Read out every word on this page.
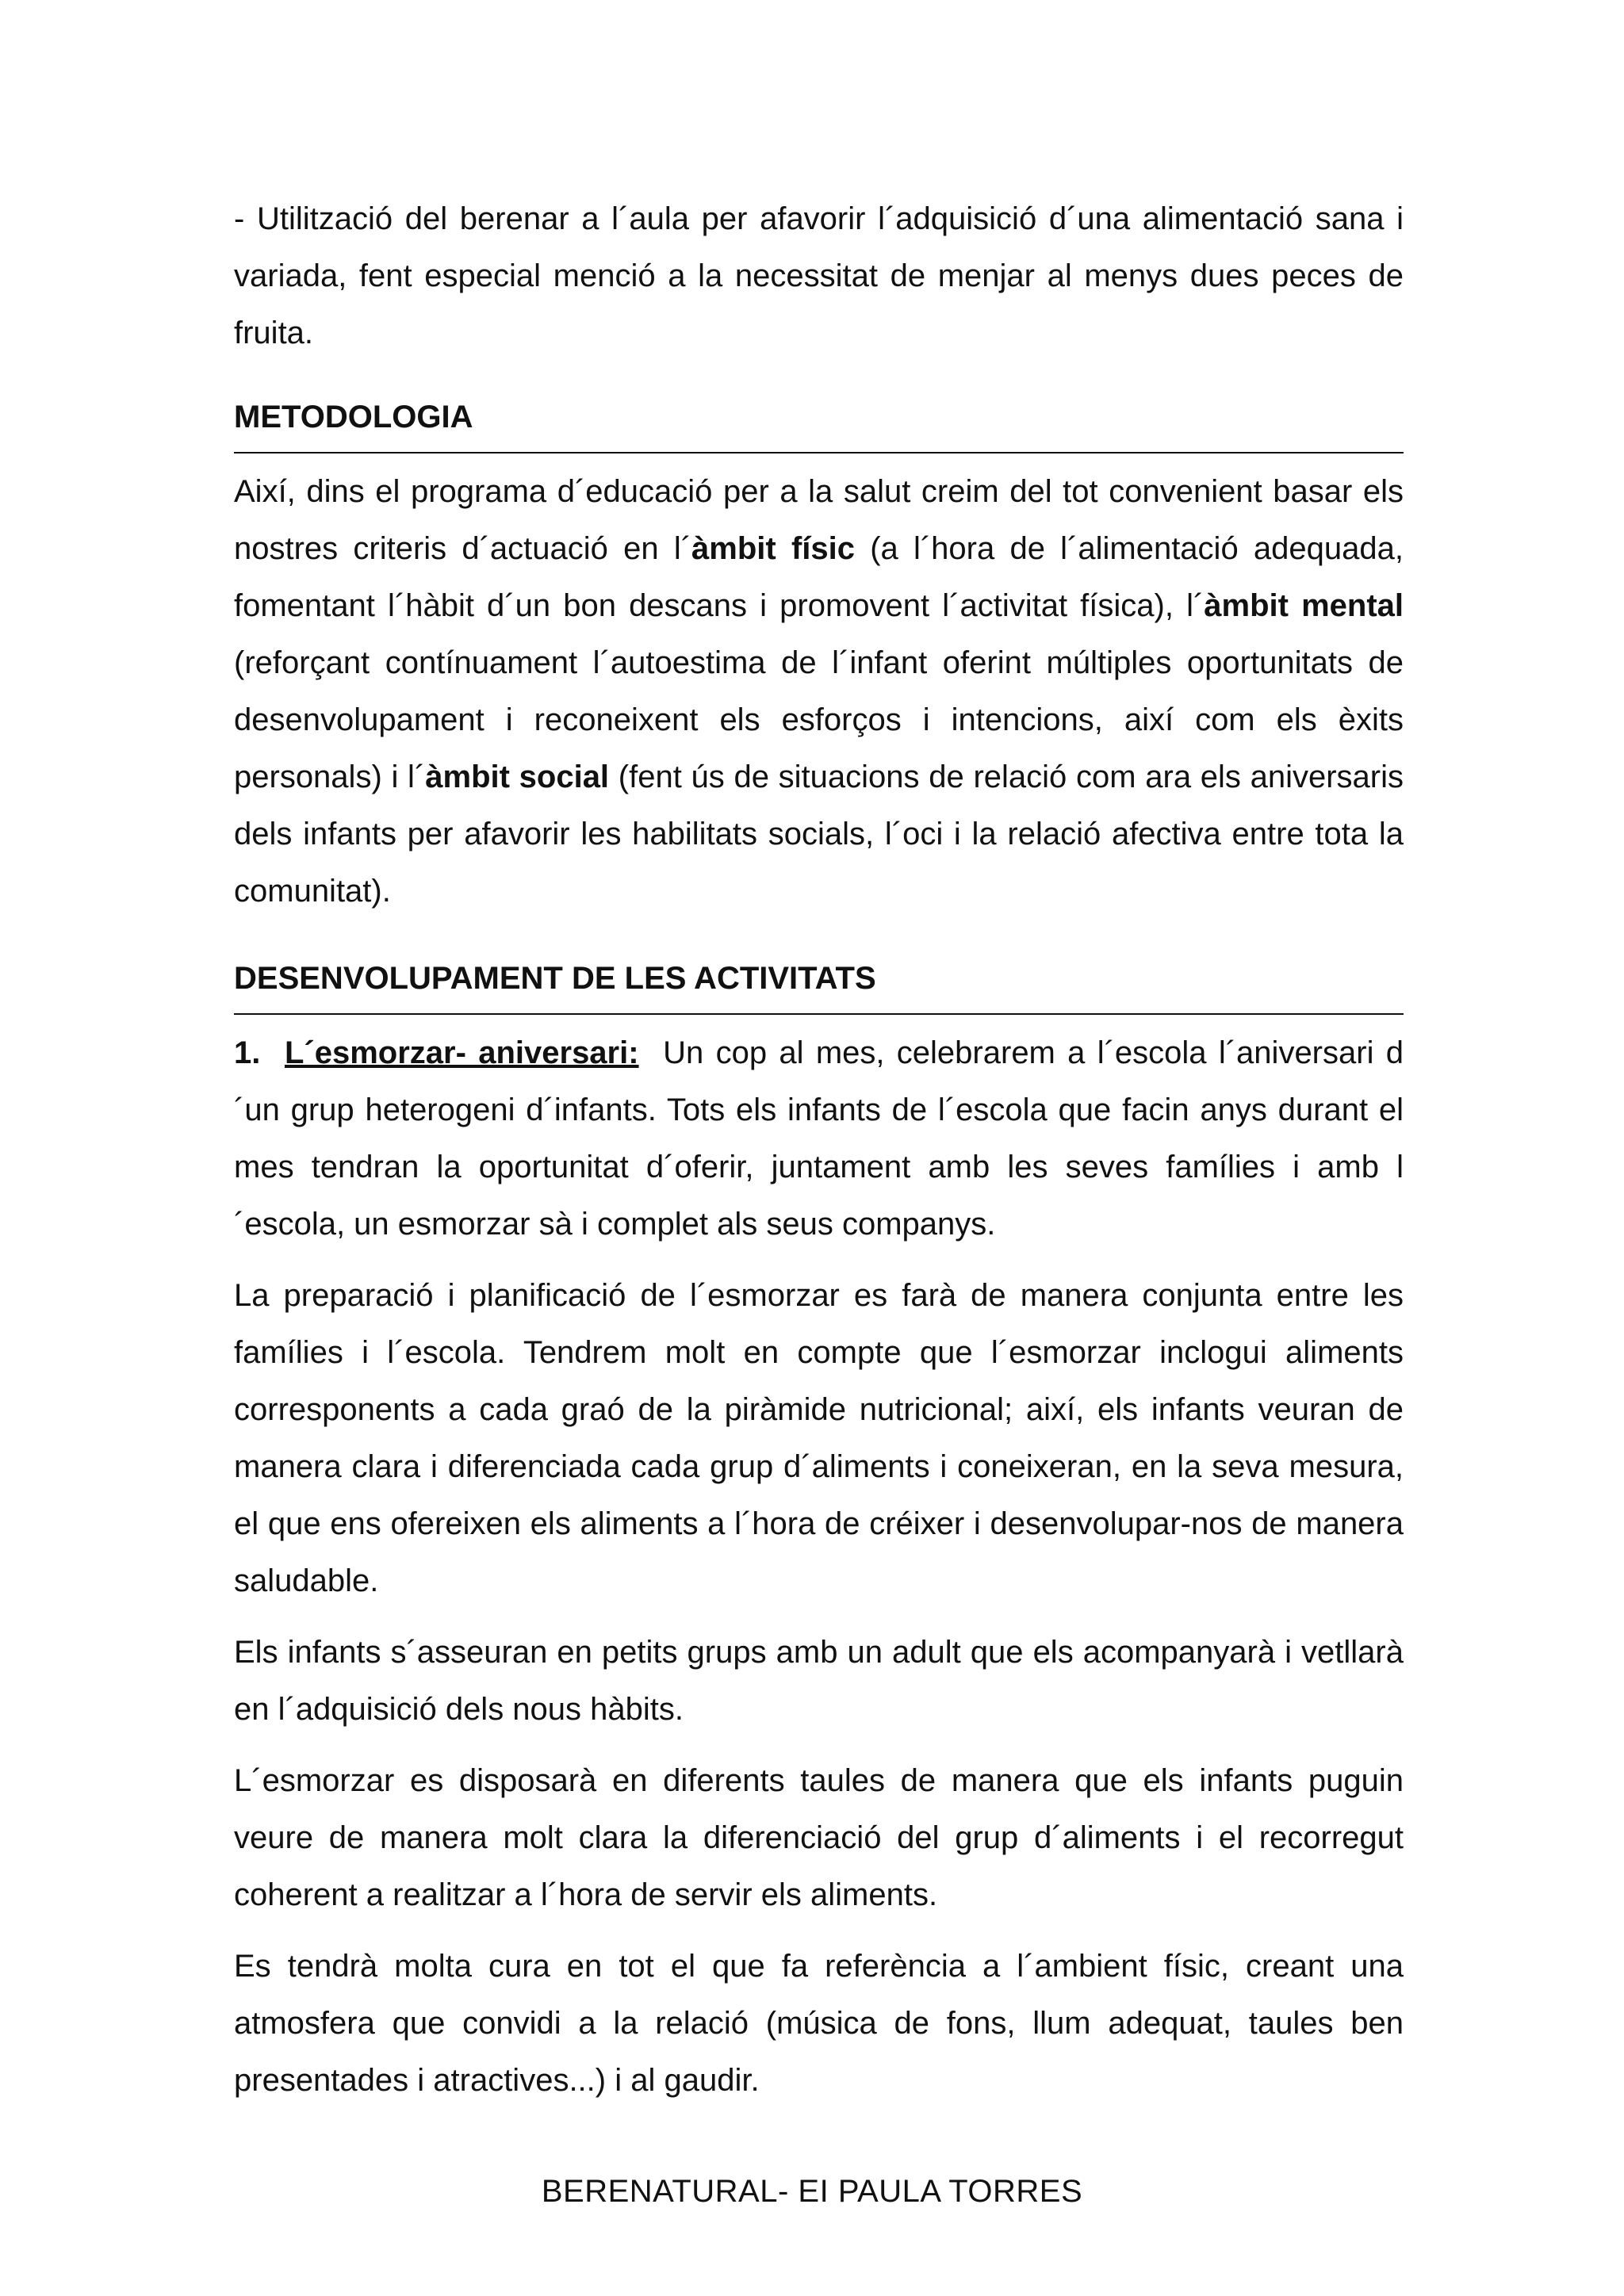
- Utilització del berenar a l´aula per afavorir l´adquisició d´una alimentació sana i variada, fent especial menció a la necessitat de menjar al menys dues peces de fruita.

METODOLOGIA

Així, dins el programa d´educació per a la salut creim del tot convenient basar els nostres criteris d´actuació en l´àmbit físic (a l´hora de l´alimentació adequada, fomentant l´hàbit d´un bon descans i promovent l´activitat física), l´àmbit mental (reforçant contínuament l´autoestima de l´infant oferint múltiples oportunitats de desenvolupament i reconeixent els esforços i intencions, així com els èxits personals) i l´àmbit social (fent ús de situacions de relació com ara els aniversaris dels infants per afavorir les habilitats socials, l´oci i la relació afectiva entre tota la comunitat).

DESENVOLUPAMENT DE LES ACTIVITATS

1. L´esmorzar- aniversari: Un cop al mes, celebrarem a l´escola l´aniversari d´un grup heterogeni d´infants. Tots els infants de l´escola que facin anys durant el mes tendran la oportunitat d´oferir, juntament amb les seves famílies i amb l´escola, un esmorzar sà i complet als seus companys.

La preparació i planificació de l´esmorzar es farà de manera conjunta entre les famílies i l´escola. Tendrem molt en compte que l´esmorzar inclogui aliments corresponents a cada graó de la piràmide nutricional; així, els infants veuran de manera clara i diferenciada cada grup d´aliments i coneixeran, en la seva mesura, el que ens ofereixen els aliments a l´hora de créixer i desenvolupar-nos de manera saludable.

Els infants s´asseuran en petits grups amb un adult que els acompanyarà i vetllarà en l´adquisició dels nous hàbits.

L´esmorzar es disposarà en diferents taules de manera que els infants puguin veure de manera molt clara la diferenciació del grup d´aliments i el recorregut coherent a realitzar a l´hora de servir els aliments.

Es tendrà molta cura en tot el que fa referència a l´ambient físic, creant una atmosfera que convidi a la relació (música de fons, llum adequat, taules ben presentades i atractives...) i al gaudir.

BERENATURAL- EI PAULA TORRES
